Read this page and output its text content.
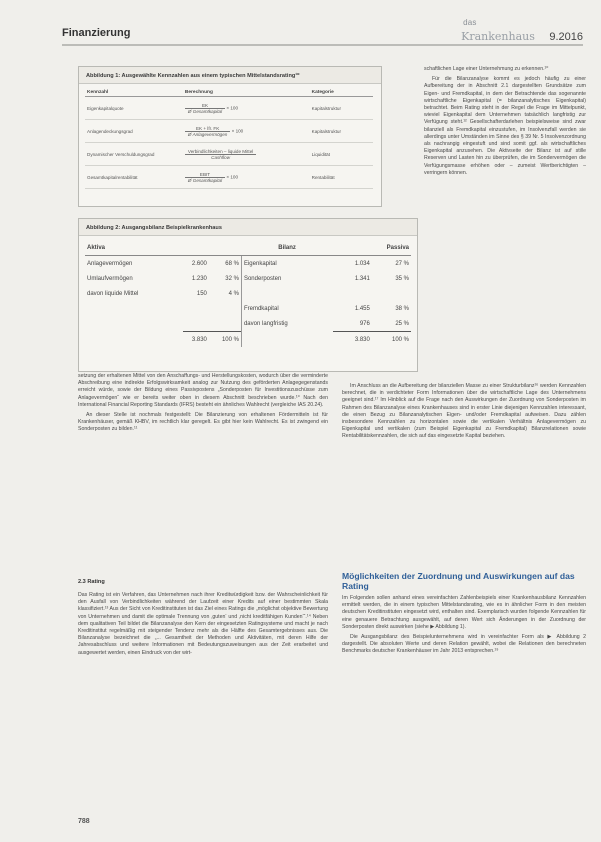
Finanzierung
das
Krankenhaus 9.2016
Abbildung 1: Ausgewählte Kennzahlen aus einem typischen Mittelstandsrating¹⁰
Kennzahl	Berechnung	Kategorie
Eigenkapitalquote	$\frac{EK}{\text{Ø Gesamtkapital}} \times 100$	Kapitalstruktur
Anlagendeckungsgrad	$\frac{\text{EK + lfr. FK}}{\text{Ø Anlagevermögen}} \times 100$	Kapitalstruktur
Dynamischer Verschuldungsgrad	$\frac{\text{Verbindlichkeiten – liquide Mittel}}{\text{Cashflow}}$	Liquidität
Gesamtkapitalrentabilität	$\frac{\text{EBIT}}{\text{Ø Gesamtkapital}} \times 100$	Rentabilität
Abbildung 2: Ausgangsbilanz Beispielkrankenhaus
Aktiva			Bilanz	Passiva	
Anlagevermögen	2.600	68 %	Eigenkapital	1.034	27 %
Umlaufvermögen	1.230	32 %	Sonderposten	1.341	35 %
davon liquide Mittel	150	4 %			
			Fremdkapital	1.455	38 %
			davon langfristig	976	25 %
	3.830	100 %		3.830	100 %

schaftlichen Lage einer Unternehmung zu erkennen.¹⁰

Für die Bilanzanalyse kommt es jedoch häufig zu einer Aufbereitung der in Abschnitt 2.1 dargestellten Grundsätze zum Eigen- und Fremdkapital, in dem der Betrachtende das sogenannte wirtschaftliche Eigenkapital (= bilanzanalytisches Eigenkapital) betrachtet. Beim Rating steht in der Regel die Frage im Mittelpunkt, wieviel Eigenkapital dem Unternehmen tatsächlich langfristig zur Verfügung steht.¹² Gesellschafterdarlehen beispielsweise sind zwar bilanziell als Fremdkapital einzustufen, im Insolvenzfall werden sie allerdings unter Umständen im Sinne des § 39 Nr. 5 Insolvenzordnung als nachrangig eingestuft und sind somit ggf. als wirtschaftliches Eigenkapital anzusehen. Die Aktivseite der Bilanz ist auf stille Reserven und Lasten hin zu überprüfen, die im Sondervermögen die Verfügungsmasse erhöhen oder – zumeist Wertberichtigten – verringern können.

setzung der erhaltenen Mittel von den Anschaffungs- und Herstellungskosten, wodurch über die verminderte Abschreibung eine indirekte Erfolgswirksamkeit analog zur Nutzung des geförderten Anlagegegenstands erreicht würde, sowie der Bildung eines Passivpostens „Sonderposten für Investitionszuschüsse zum Anlagevermögen“ wie er bereits weiter oben in diesem Abschnitt beschrieben wurde.¹⁰ Nach den International Financial Reporting Standards (IFRS) besteht ein ähnliches Wahlrecht (vergleiche IAS 20.24).

An dieser Stelle ist nochmals festgestellt: Die Bilanzierung von erhaltenen Fördermitteln ist für Krankenhäuser, gemäß KHBV, im rechtlich klar geregelt. Es gibt hier kein Wahlrecht. Es ist zwingend ein Sonderposten zu bilden.¹¹

2.3 Rating

Das Rating ist ein Verfahren, das Unternehmen nach ihrer Kreditwürdigkeit bzw. der Wahrscheinlichkeit für den Ausfall von Verbindlichkeiten während der Laufzeit einer Kredits auf einer bestimmten Skala klassifiziert.¹³ Aus der Sicht von Kreditinstituten ist das Ziel eines Ratings die „möglichst objektive Bewertung von Unternehmen und damit die optimale Trennung von ‚guten‘ und ‚nicht kreditfähigen Kunden‘“.¹⁴ Neben dem qualitativen Teil bildet die Bilanzanalyse den Kern der eingesetzten Ratingsysteme und macht je nach Kreditinstitut regelmäßig mit steigender Tendenz mehr als die Hälfte des Gesamtergebnisses aus. Die Bilanzanalyse bezeichnet die „... Gesamtheit der Methoden und Aktivitäten, mit deren Hilfe der Jahresabschluss und weitere Informationen mit Bedeutungszuweisungen aus der Zeit erarbeitet und ausgewertet werden, einen Eindruck von der wirt-

Im Anschluss an die Aufbereitung der bilanziellen Masse zu einer Strukturbilanz¹⁶ werden Kennzahlen berechnet, die in verdichteter Form Informationen über die wirtschaftliche Lage des Unternehmens geeignet sind.¹⁷ Im Hinblick auf die Frage nach den Auswirkungen der Zuordnung von Sonderposten im Rahmen des Bilanzanalyse eines Krankenhauses sind in erster Linie diejenigen Kennzahlen interessant, die einen Bezug zu Bilanzanalytischen Eigen- und/oder Fremdkapital aufweisen. Dazu zählen insbesondere Kennzahlen zu horizontalen sowie die vertikalen Verhältnis Anlagevermögen zu Eigenkapital und vertikalen (zum Beispiel Eigenkapital zu Fremdkapital) Bilanzrelationen sowie Rentabilitätskennzahlen, die sich auf das eingesetzte Kapital beziehen.

Möglichkeiten der Zuordnung und Auswirkungen auf das Rating

Im Folgenden sollen anhand eines vereinfachten Zahlenbeispiels einer Krankenhausbilanz Kennzahlen ermittelt werden, die in einem typischen Mittelstandsrating, wie es in ähnlicher Form in den meisten deutschen Kreditinstituten eingesetzt wird, enthalten sind. Exemplarisch wurden folgende Kennzahlen für eine genauere Betrachtung ausgewählt, auf deren Wert sich Änderungen in der Zuordnung der Sonderposten direkt auswirken (siehe ▶ Abbildung 1).

Die Ausgangsbilanz des Beispielunternehmens wird in vereinfachter Form als ▶ Abbildung 2 dargestellt. Die absoluten Werte und deren Relation gewählt, wobei die Relationen den berechneten Benchmarks deutscher Krankenhäuser im Jahr 2013 entsprechen.¹⁹

788
